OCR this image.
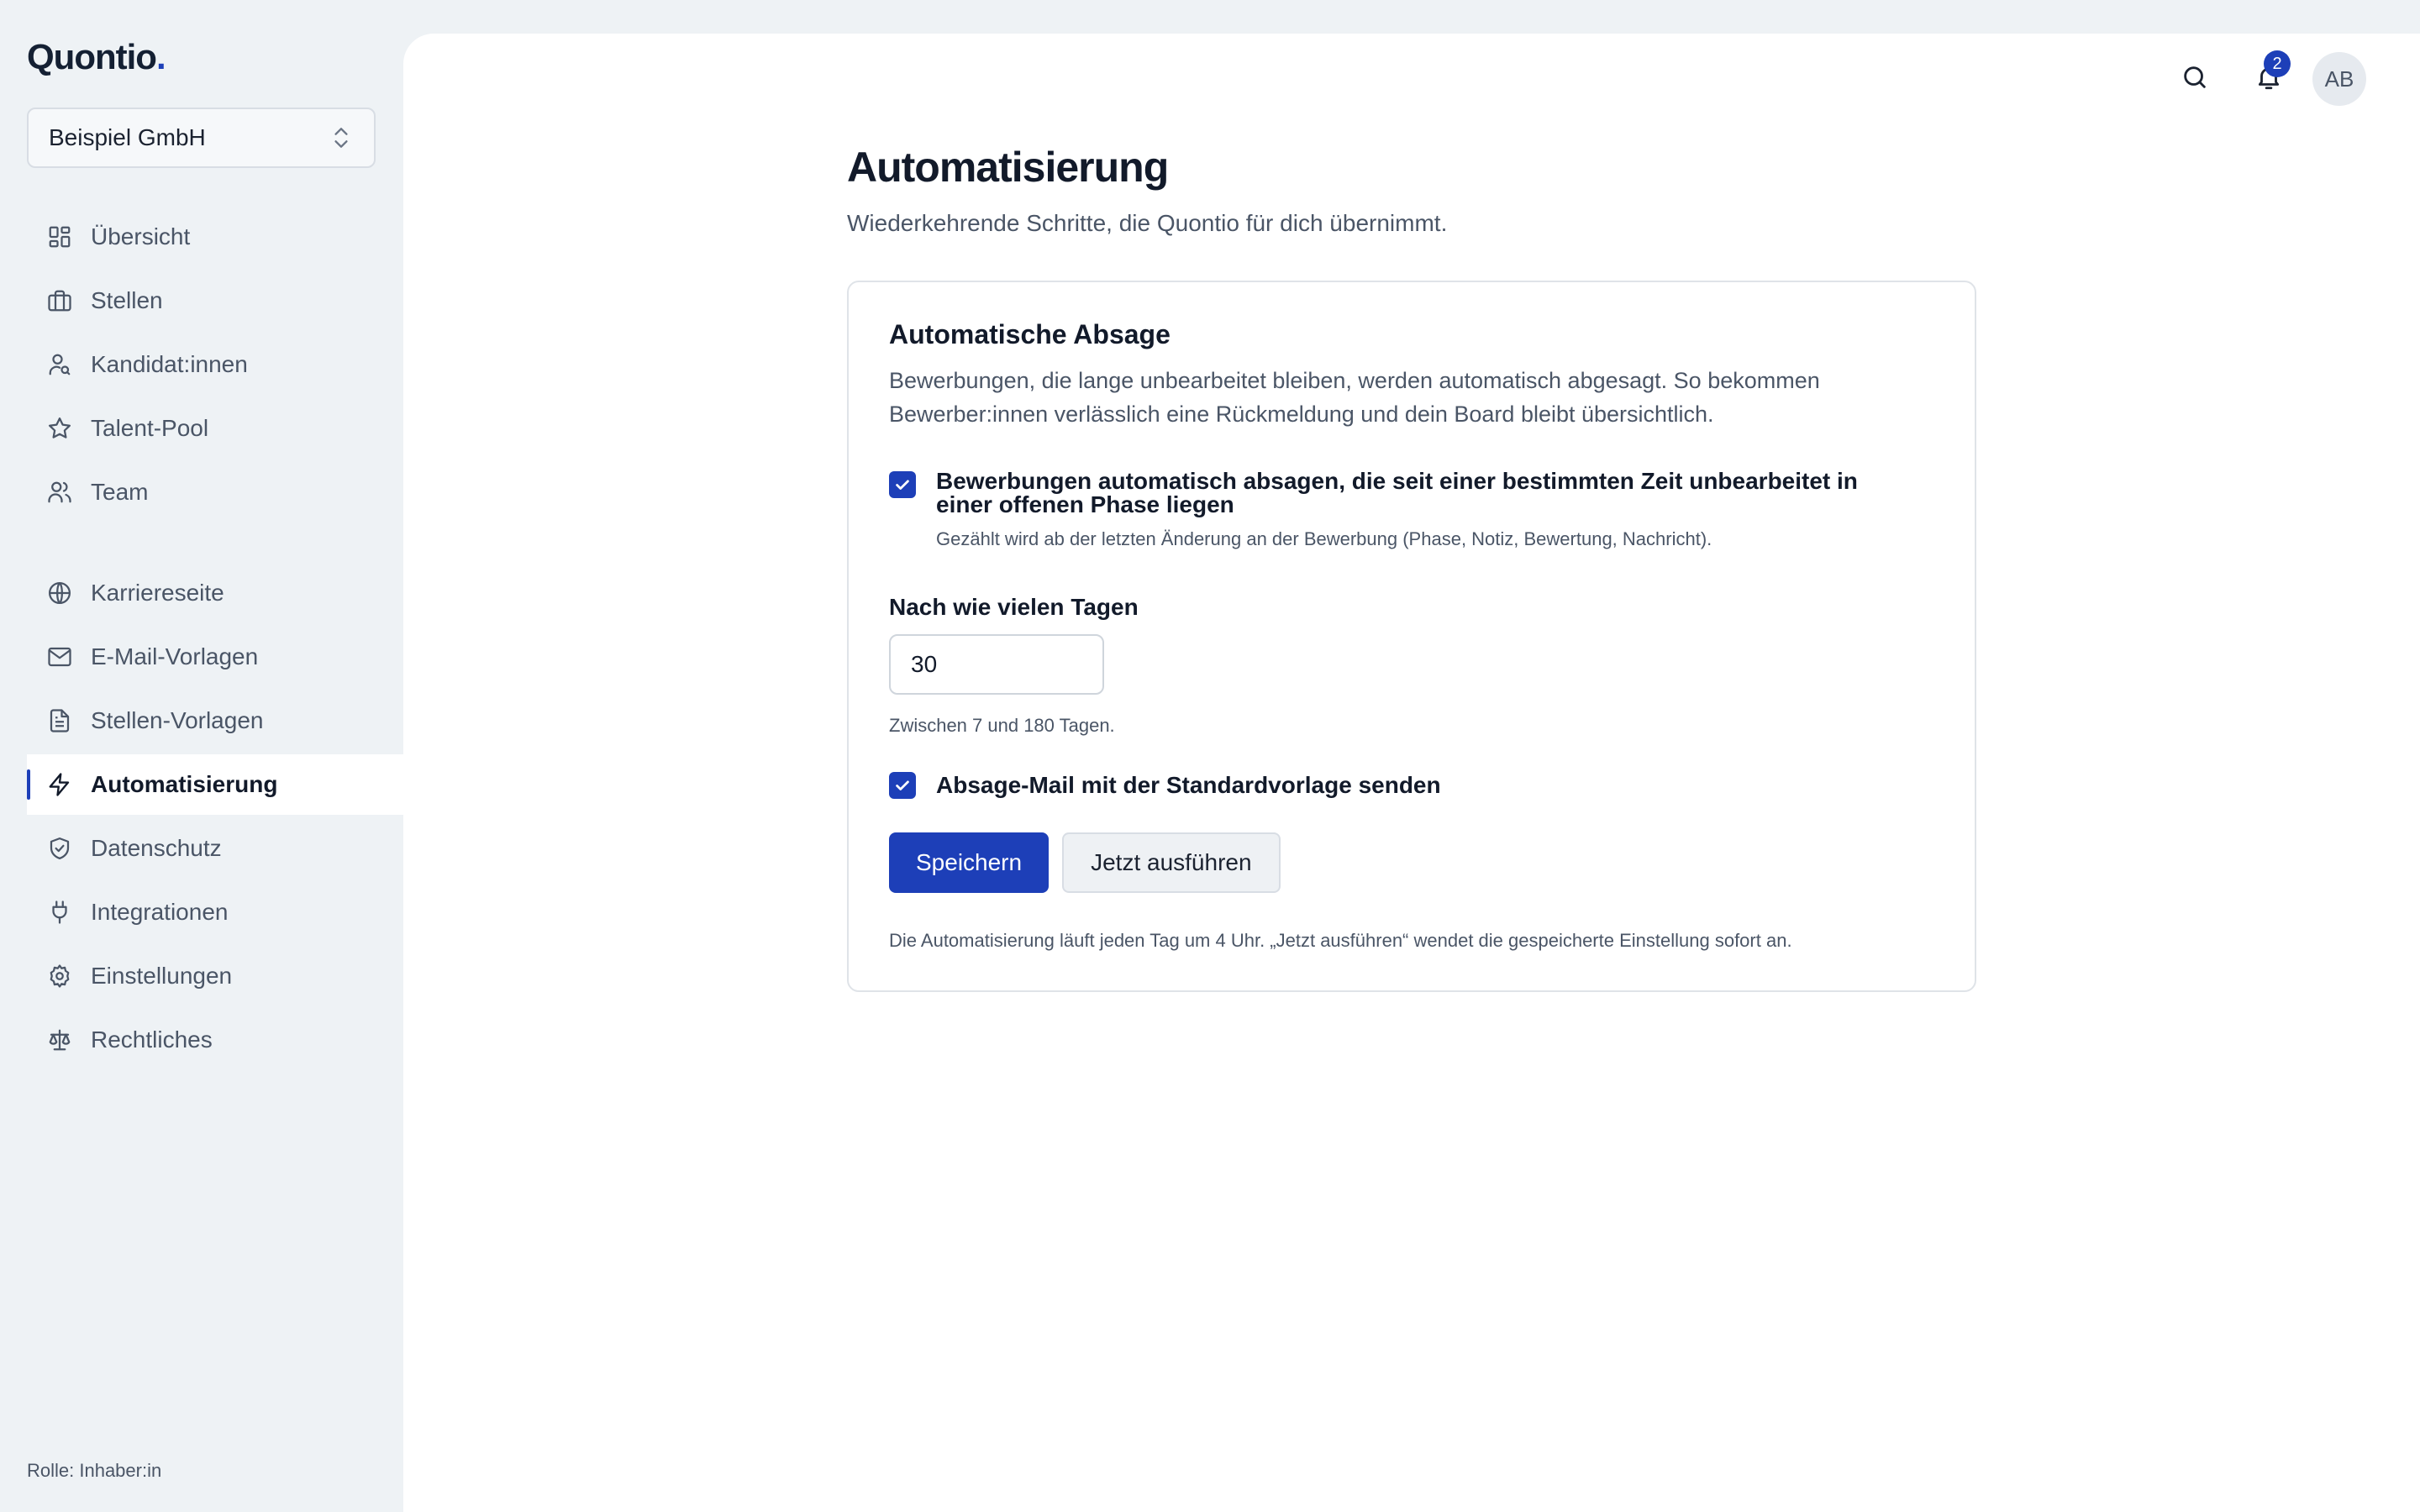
Quontio.
Beispiel GmbH
Übersicht
Stellen
Kandidat:innen
Talent-Pool
Team
Karriereseite
E-Mail-Vorlagen
Stellen-Vorlagen
Automatisierung
Datenschutz
Integrationen
Einstellungen
Rechtliches
Rolle: Inhaber:in
2
AB
Automatisierung

Wiederkehrende Schritte, die Quontio für dich übernimmt.

Automatische Absage

Bewerbungen, die lange unbearbeitet bleiben, werden automatisch abgesagt. So bekommen Bewerber:innen verlässlich eine Rückmeldung und dein Board bleibt übersichtlich.

Bewerbungen automatisch absagen, die seit einer bestimmten Zeit unbearbeitet in einer offenen Phase liegen
Gezählt wird ab der letzten Änderung an der Bewerbung (Phase, Notiz, Bewertung, Nachricht).
Nach wie vielen Tagen
30
Zwischen 7 und 180 Tagen.
Absage-Mail mit der Standardvorlage senden
Speichern	Jetzt ausführen

Die Automatisierung läuft jeden Tag um 4 Uhr. „Jetzt ausführen“ wendet die gespeicherte Einstellung sofort an.
